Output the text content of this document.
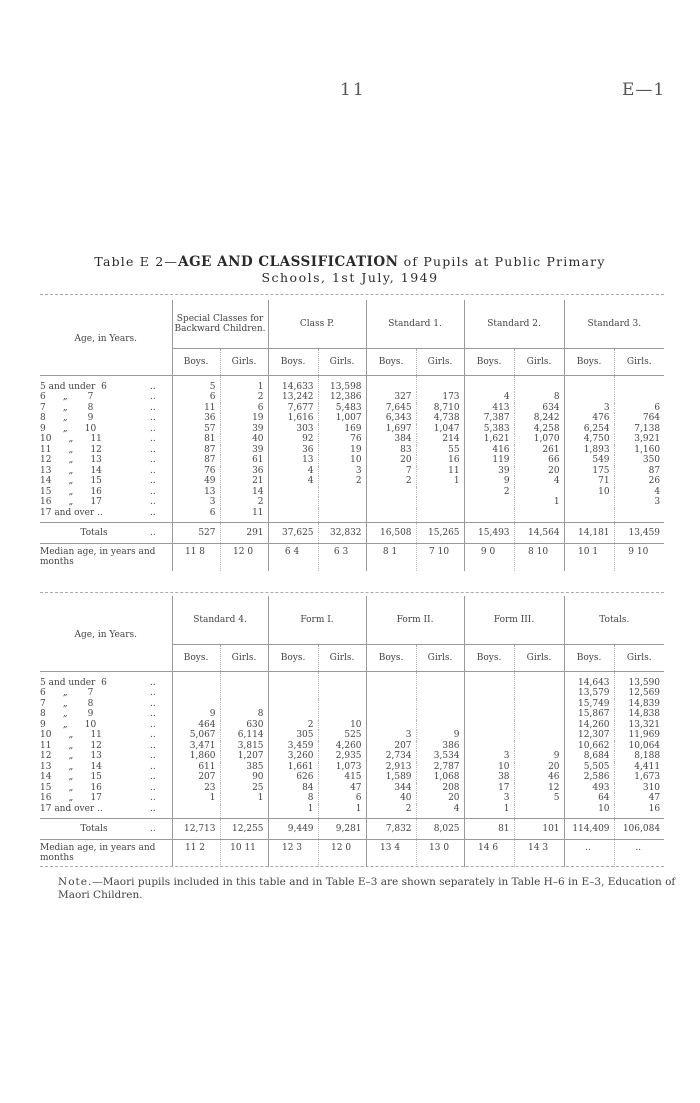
11	E—1
Table E 2—AGE AND CLASSIFICATION of Pupils at Public Primary
Schools, 1st July, 1949
Age, in Years.		Special Classes for Backward Children.		Class P.		Standard 1.		Standard 2.		Standard 3.	
		Boys.	Girls.	Boys.	Girls.	Boys.	Girls.	Boys.	Girls.	Boys.	Girls.
5 and under  6	..	5	1	14,633	13,598						
6      „       7	..	6	2	13,242	12,386	327	173	4	8		
7      „       8	..	11	6	7,677	5,483	7,645	8,710	413	634	3	6
8      „       9	..	36	19	1,616	1,007	6,343	4,738	7,387	8,242	476	764
9      „      10	..	57	39	303	169	1,697	1,047	5,383	4,258	6,254	7,138
10      „      11	..	81	40	92	76	384	214	1,621	1,070	4,750	3,921
11      „      12	..	87	39	36	19	83	55	416	261	1,893	1,160
12      „      13	..	87	61	13	10	20	16	119	66	549	350
13      „      14	..	76	36	4	3	7	11	39	20	175	87
14      „      15	..	49	21	4	2	2	1	9	4	71	26
15      „      16	..	13	14					2		10	4
16      „      17	..	3	2						1		3
17 and over ..	..	6	11								
Totals	..	527	291	37,625	32,832	16,508	15,265	15,493	14,564	14,181	13,459
Median age, in years and months		11 8	12 0	6 4	6 3	8 1	7 10	9 0	8 10	10 1	9 10
Age, in Years.		Standard 4.		Form I.		Form II.		Form III.		Totals.	
		Boys.	Girls.	Boys.	Girls.	Boys.	Girls.	Boys.	Girls.	Boys.	Girls.
5 and under  6	..									14,643	13,590
6      „       7	..									13,579	12,569
7      „       8	..									15,749	14,839
8      „       9	..	9	8							15,867	14,838
9      „      10	..	464	630	2	10					14,260	13,321
10      „      11	..	5,067	6,114	305	525	3	9			12,307	11,969
11      „      12	..	3,471	3,815	3,459	4,260	207	386			10,662	10,064
12      „      13	..	1,860	1,207	3,260	2,935	2,734	3,534	3	9	8,684	8,188
13      „      14	..	611	385	1,661	1,073	2,913	2,787	10	20	5,505	4,411
14      „      15	..	207	90	626	415	1,589	1,068	38	46	2,586	1,673
15      „      16	..	23	25	84	47	344	208	17	12	493	310
16      „      17	..	1	1	8	6	40	20	3	5	64	47
17 and over ..	..			1	1	2	4	1		10	16
Totals	..	12,713	12,255	9,449	9,281	7,832	8,025	81	101	114,409	106,084
Median age, in years and months		11 2	10 11	12 3	12 0	13 4	13 0	14 6	14 3	..	..
Note.—Maori pupils included in this table and in Table E–3 are shown separately in Table H–6 in E–3, Education of Maori Children.
